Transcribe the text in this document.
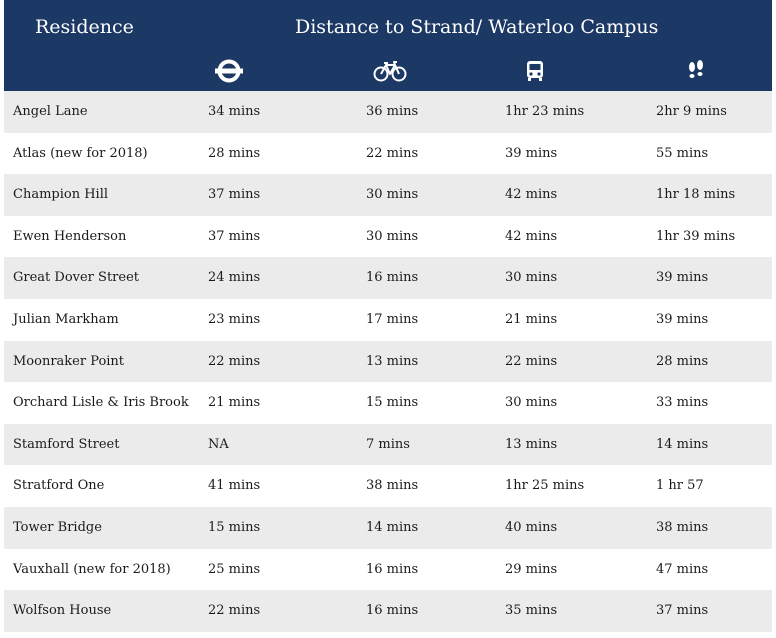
Residence	Distance to Strand/ Waterloo Campus
Angel Lane	34 mins	36 mins	1hr 23 mins	2hr 9 mins
Atlas (new for 2018)	28 mins	22 mins	39 mins	55 mins
Champion Hill	37 mins	30 mins	42 mins	1hr 18 mins
Ewen Henderson	37 mins	30 mins	42 mins	1hr 39 mins
Great Dover Street	24 mins	16 mins	30 mins	39 mins
Julian Markham	23 mins	17 mins	21 mins	39 mins
Moonraker Point	22 mins	13 mins	22 mins	28 mins
Orchard Lisle & Iris Brook 21 mins	15 mins	30 mins	33 mins
Stamford Street	NA	7 mins	13 mins	14 mins
Stratford One	41 mins	38 mins	1hr 25 mins	1 hr 57
Tower Bridge	15 mins	14 mins	40 mins	38 mins
Vauxhall (new for 2018)	25 mins	16 mins	29 mins	47 mins
Wolfson House	22 mins	16 mins	35 mins	37 mins
